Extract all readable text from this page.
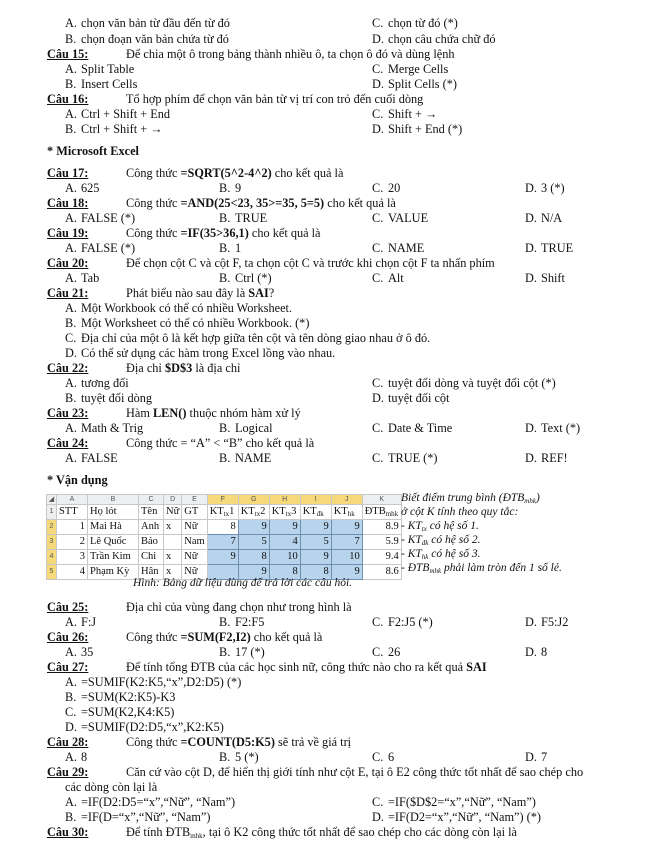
A. chọn văn bản từ đầu đến từ đó	C. chọn từ đó (*)
B. chọn đoạn văn bản chứa từ đó	D. chọn câu chứa chữ đó
Câu 15:	Để chia một ô trong bảng thành nhiều ô, ta chọn ô đó và dùng lệnh
A. Split Table	C. Merge Cells
B. Insert Cells	D. Split Cells (*)
Câu 16:	Tổ hợp phím để chọn văn bản từ vị trí con trỏ đến cuối dòng
A. Ctrl + Shift + End	C. Shift + →
B. Ctrl + Shift + →	D. Shift + End (*)
* Microsoft Excel
Câu 17:	Công thức =SQRT(5^2-4^2) cho kết quả là
A. 625	B. 9	C. 20	D. 3 (*)
Câu 18:	Công thức =AND(25<23, 35>=35, 5=5) cho kết quả là
A. FALSE (*)	B. TRUE	C. VALUE	D. N/A
Câu 19:	Công thức =IF(35>36,1) cho kết quả là
A. FALSE (*)	B. 1	C. NAME	D. TRUE
Câu 20:	Để chọn cột C và cột F, ta chọn cột C và trước khi chọn cột F ta nhấn phím
A. Tab	B. Ctrl (*)	C. Alt	D. Shift
Câu 21:	Phát biểu nào sau đây là SAI?
A. Một Workbook có thể có nhiều Worksheet.
B. Một Worksheet có thể có nhiều Workbook. (*)
C. Địa chỉ của một ô là kết hợp giữa tên cột và tên dòng giao nhau ở ô đó.
D. Có thể sử dụng các hàm trong Excel lồng vào nhau.
Câu 22:	Địa chỉ $D$3 là địa chỉ
A. tương đối	C. tuyệt đối dòng và tuyệt đối cột (*)
B. tuyệt đối dòng	D. tuyệt đối cột
Câu 23:	Hàm LEN() thuộc nhóm hàm xử lý
A. Math & Trig	B. Logical	C. Date & Time	D. Text (*)
Câu 24:	Công thức = “A” < “B” cho kết quả là
A. FALSE	B. NAME	C. TRUE (*)	D. REF!
* Vận dụng
◢	A	B	C	D	E	F	G	H	I	J	K
1	STT	Họ lót	Tên	Nữ	GT	$KT_{tx}1$	$KT_{tx}2$	$KT_{tx}3$	$KT_{đk}$	$KT_{hk}$	$ĐTB_{mhk}$
2	1	Mai Hà	Anh	x	Nữ	8	9	9	9	9	8.9
3	2	Lê Quốc	Bảo		Nam	7	5	4	5	7	5.9
4	3	Trần Kim	Chi	x	Nữ	9	8	10	9	10	9.4
5	4	Phạm Kỳ	Hân	x	Nữ		9	8	8	9	8.6
Biết điểm trung bình $(ĐTB_{mhk})$
ở cột K tính theo quy tắc:
- $KT_{tx}$ có hệ số 1.
- $KT_{đk}$ có hệ số 2.
- $KT_{hk}$ có hệ số 3.
- $ĐTB_{mhk}$ phải làm tròn đến 1 số lẻ.
Hình: Bảng dữ liệu dùng để trả lời các câu hỏi.
Câu 25:	Địa chỉ của vùng đang chọn như trong hình là
A. F:J	B. F2:F5	C. F2:J5 (*)	D. F5:J2
Câu 26:	Công thức =SUM(F2,I2) cho kết quả là
A. 35	B. 17 (*)	C. 26	D. 8
Câu 27:	Để tính tổng ĐTB của các học sinh nữ, công thức nào cho ra kết quả SAI
A. =SUMIF(K2:K5,“x”,D2:D5) (*)
B. =SUM(K2:K5)-K3
C. =SUM(K2,K4:K5)
D. =SUMIF(D2:D5,“x”,K2:K5)
Câu 28:	Công thức =COUNT(D5:K5) sẽ trả về giá trị
A. 8	B. 5 (*)	C. 6	D. 7
Câu 29:	Căn cứ vào cột D, để hiển thị giới tính như cột E, tại ô E2 công thức tốt nhất để sao chép cho
các dòng còn lại là
A. =IF(D2:D5=“x”,“Nữ”, “Nam”)	C. =IF($D$2=“x”,“Nữ”, “Nam”)
B. =IF(D=“x”,“Nữ”, “Nam”)	D. =IF(D2=“x”,“Nữ”, “Nam”) (*)
Câu 30:	Để tính $ĐTB_{mhk}$, tại ô K2 công thức tốt nhất để sao chép cho các dòng còn lại là
